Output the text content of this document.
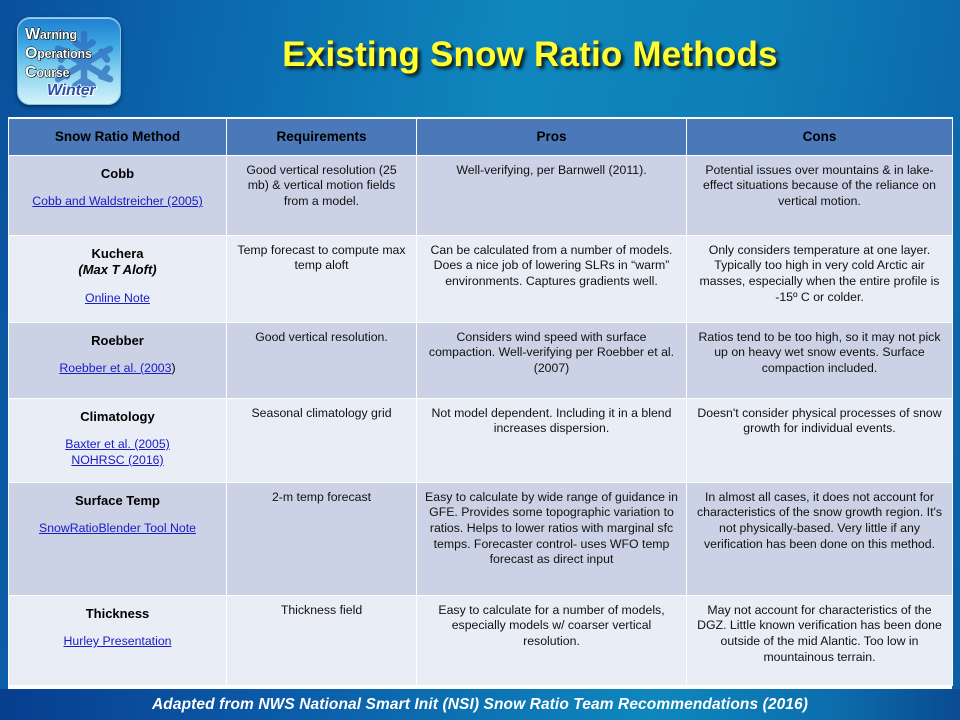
Warning
Operations
Course
Winter
Existing Snow Ratio Methods
Snow Ratio Method	Requirements	Pros	Cons

Cobb
Cobb and Waldstreicher (2005)	Good vertical resolution (25 mb) & vertical motion fields from a model.	Well-verifying, per Barnwell (2011).	Potential issues over mountains & in lake-effect situations because of the reliance on vertical motion.

Kuchera
(Max T Aloft)
Online Note	Temp forecast to compute max temp aloft	Can be calculated from a number of models. Does a nice job of lowering SLRs in “warm” environments. Captures gradients well.	Only considers temperature at one layer. Typically too high in very cold Arctic air masses, especially when the entire profile is -15º C or colder.

Roebber
Roebber et al. (2003)	Good vertical resolution.	Considers wind speed with surface compaction. Well-verifying per Roebber et al. (2007)	Ratios tend to be too high, so it may not pick up on heavy wet snow events. Surface compaction included.

Climatology
Baxter et al. (2005)
NOHRSC (2016)	Seasonal climatology grid	Not model dependent. Including it in a blend increases dispersion.	Doesn't consider physical processes of snow growth for individual events.

Surface Temp
SnowRatioBlender Tool Note	2-m temp forecast	Easy to calculate by wide range of guidance in GFE. Provides some topographic variation to ratios. Helps to lower ratios with marginal sfc temps. Forecaster control- uses WFO temp forecast as direct input	In almost all cases, it does not account for characteristics of the snow growth region. It's not physically-based. Very little if any verification has been done on this method.

Thickness
Hurley Presentation	Thickness field	Easy to calculate for a number of models, especially models w/ coarser vertical resolution.	May not account for characteristics of the DGZ. Little known verification has been done outside of the mid Alantic. Too low in mountainous terrain.
Adapted from NWS National Smart Init (NSI) Snow Ratio Team Recommendations (2016)
